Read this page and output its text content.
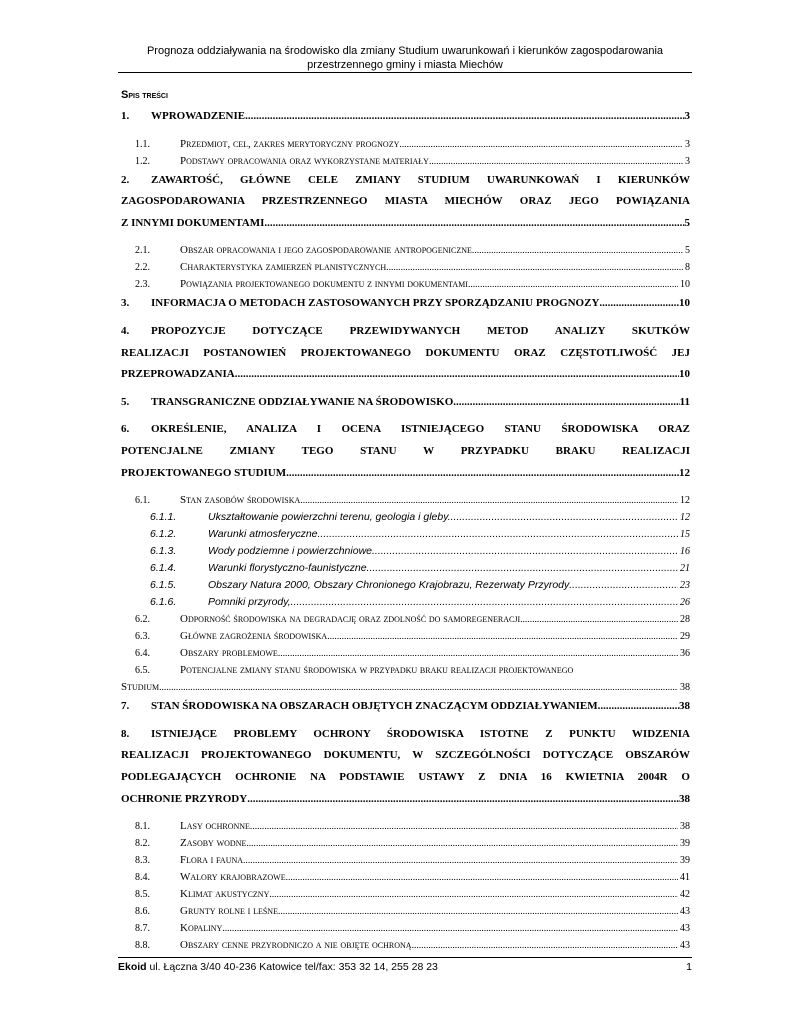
Prognoza oddziaływania na środowisko dla zmiany Studium uwarunkowań i kierunków zagospodarowania
przestrzennego gminy i miasta Miechów
Spis treści
1.	WPROWADZENIE .....	3
1.1.	Przedmiot, cel, zakres merytoryczny prognozy .....	3
1.2.	Podstawy opracowania oraz wykorzystane materiały .....	3
2. ZAWARTOŚĆ, GŁÓWNE CELE ZMIANY STUDIUM UWARUNKOWAŃ I KIERUNKÓW
ZAGOSPODAROWANIA PRZESTRZENNEGO MIASTA MIECHÓW ORAZ JEGO POWIĄZANIA
Z INNYMI DOKUMENTAMI .....	5
2.1.	Obszar opracowania i jego zagospodarowanie antropogeniczne .....	5
2.2.	Charakterystyka zamierzeń planistycznych .....	8
2.3.	Powiązania projektowanego dokumentu z innymi dokumentami .....	10
3.	INFORMACJA O METODACH ZASTOSOWANYCH PRZY SPORZĄDZANIU PROGNOZY .....	10
4. PROPOZYCJE DOTYCZĄCE PRZEWIDYWANYCH METOD ANALIZY SKUTKÓW
REALIZACJI POSTANOWIEŃ PROJEKTOWANEGO DOKUMENTU ORAZ CZĘSTOTLIWOŚĆ JEJ
PRZEPROWADZANIA .....	10
5.	TRANSGRANICZNE ODDZIAŁYWANIE NA ŚRODOWISKO .....	11
6. OKREŚLENIE, ANALIZA I OCENA ISTNIEJĄCEGO STANU ŚRODOWISKA ORAZ
POTENCJALNE ZMIANY TEGO STANU W PRZYPADKU BRAKU REALIZACJI
PROJEKTOWANEGO STUDIUM .....	12
6.1.	Stan zasobów środowiska .....	12
6.1.1.	Ukształtowanie powierzchni terenu, geologia i gleby. .....	12
6.1.2.	Warunki atmosferyczne .....	15
6.1.3.	Wody podziemne i powierzchniowe .....	16
6.1.4.	Warunki florystyczno-faunistyczne .....	21
6.1.5.	Obszary Natura 2000, Obszary Chronionego Krajobrazu, Rezerwaty Przyrody .....	23
6.1.6.	Pomniki przyrody, .....	26
6.2.	Odporność środowiska na degradację oraz zdolność do samoregeneracji .....	28
6.3.	Główne zagrożenia środowiska .....	29
6.4.	Obszary problemowe .....	36
6.5.	Potencjalne zmiany stanu środowiska w przypadku braku realizacji projektowanego
Studium .....	38
7.	STAN ŚRODOWISKA NA OBSZARACH OBJĘTYCH ZNACZĄCYM ODDZIAŁYWANIEM .....	38
8. ISTNIEJĄCE PROBLEMY OCHRONY ŚRODOWISKA ISTOTNE Z PUNKTU WIDZENIA
REALIZACJI PROJEKTOWANEGO DOKUMENTU, W SZCZEGÓLNOŚCI DOTYCZĄCE OBSZARÓW
PODLEGAJĄCYCH OCHRONIE NA PODSTAWIE USTAWY Z DNIA 16 KWIETNIA 2004R O
OCHRONIE PRZYRODY .....	38
8.1.	Lasy ochronne .....	38
8.2.	Zasoby wodne .....	39
8.3.	Flora i fauna .....	39
8.4.	Walory krajobrazowe .....	41
8.5.	Klimat akustyczny .....	42
8.6.	Grunty rolne i leśne .....	43
8.7.	Kopaliny .....	43
8.8.	Obszary cenne przyrodniczo a nie objęte ochroną .....	43
Ekoid ul. Łączna 3/40 40-236 Katowice tel/fax: 353 32 14, 255 28 23	1
